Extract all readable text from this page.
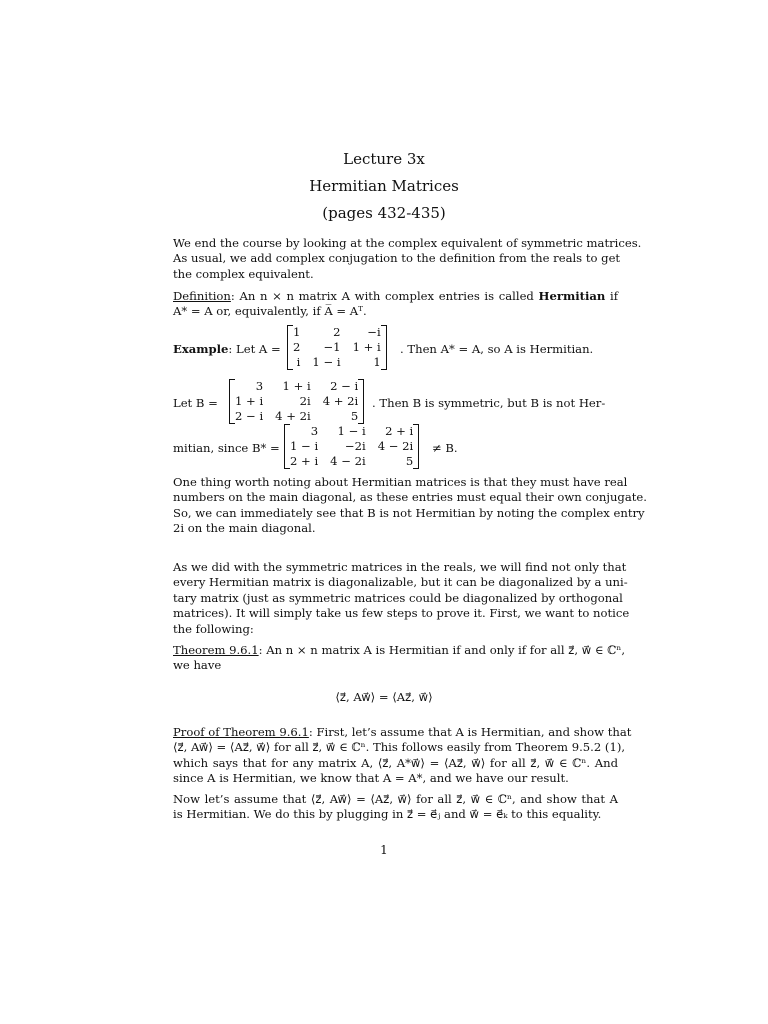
Lecture 3x
Hermitian Matrices
(pages 432-435)
We end the course by looking at the complex equivalent of symmetric matrices.
As usual, we add complex conjugation to the definition from the reals to get
the complex equivalent.
Definition: An n × n matrix A with complex entries is called Hermitian if
A* = A or, equivalently, if A̅ = Aᵀ.
Example: Let A =
1	2	−i
2	−1	1 + i
i	1 − i	1
. Then A* = A, so A is Hermitian.
Let B =
3	1 + i	2 − i
1 + i	2i	4 + 2i
2 − i	4 + 2i	5
. Then B is symmetric, but B is not Her-
mitian, since B* =
3	1 − i	2 + i
1 − i	−2i	4 − 2i
2 + i	4 − 2i	5
≠ B.
One thing worth noting about Hermitian matrices is that they must have real
numbers on the main diagonal, as these entries must equal their own conjugate.
So, we can immediately see that B is not Hermitian by noting the complex entry
2i on the main diagonal.
As we did with the symmetric matrices in the reals, we will find not only that
every Hermitian matrix is diagonalizable, but it can be diagonalized by a uni-
tary matrix (just as symmetric matrices could be diagonalized by orthogonal
matrices). It will simply take us few steps to prove it. First, we want to notice
the following:
Theorem 9.6.1: An n × n matrix A is Hermitian if and only if for all z⃗, w⃗ ∈ ℂⁿ,
we have
⟨z⃗, Aw⃗⟩ = ⟨Az⃗, w⃗⟩
Proof of Theorem 9.6.1: First, let’s assume that A is Hermitian, and show that
⟨z⃗, Aw⃗⟩ = ⟨Az⃗, w⃗⟩ for all z⃗, w⃗ ∈ ℂⁿ. This follows easily from Theorem 9.5.2 (1),
which says that for any matrix A, ⟨z⃗, A*w⃗⟩ = ⟨Az⃗, w⃗⟩ for all z⃗, w⃗ ∈ ℂⁿ. And
since A is Hermitian, we know that A = A*, and we have our result.
Now let’s assume that ⟨z⃗, Aw⃗⟩ = ⟨Az⃗, w⃗⟩ for all z⃗, w⃗ ∈ ℂⁿ, and show that A
is Hermitian. We do this by plugging in z⃗ = e⃗ⱼ and w⃗ = e⃗ₖ to this equality.
1
